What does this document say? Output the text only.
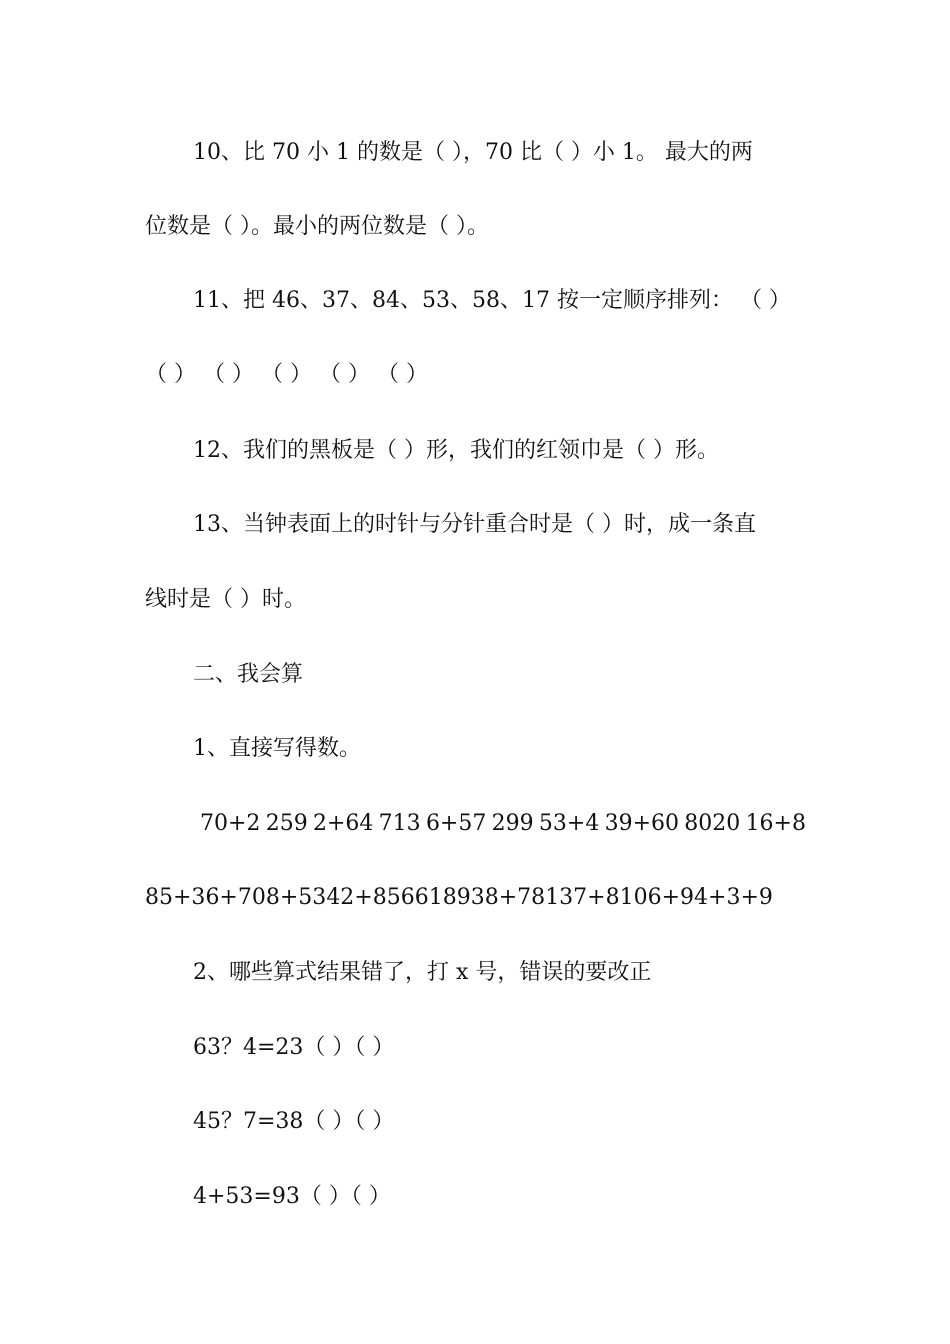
10、比 70 小 1 的数是（ ），70 比（ ）小 1。 最大的两
位数是（ ）。最小的两位数是（ ）。
11、把 46、37、84、53、58、17 按一定顺序排列： （ ）
（ ） （ ） （ ） （ ） （ ）
12、我们的黑板是（ ）形，我们的红领巾是（ ）形。
13、当钟表面上的时针与分针重合时是（ ）时，成一条直
线时是（ ）时。
二、我会算
1、直接写得数。
70+2 259 2+64 713 6+57 299 53+4 39+60 8020 16+8
85+3 6+70 8+53 42+8 566 1893 8+78 137+8 106+9 4+3+9
2、哪些算式结果错了，打 x 号，错误的要改正
63？4=23（ ）（ ）
45？7=38（ ）（ ）
4+53=93（ ）（ ）
